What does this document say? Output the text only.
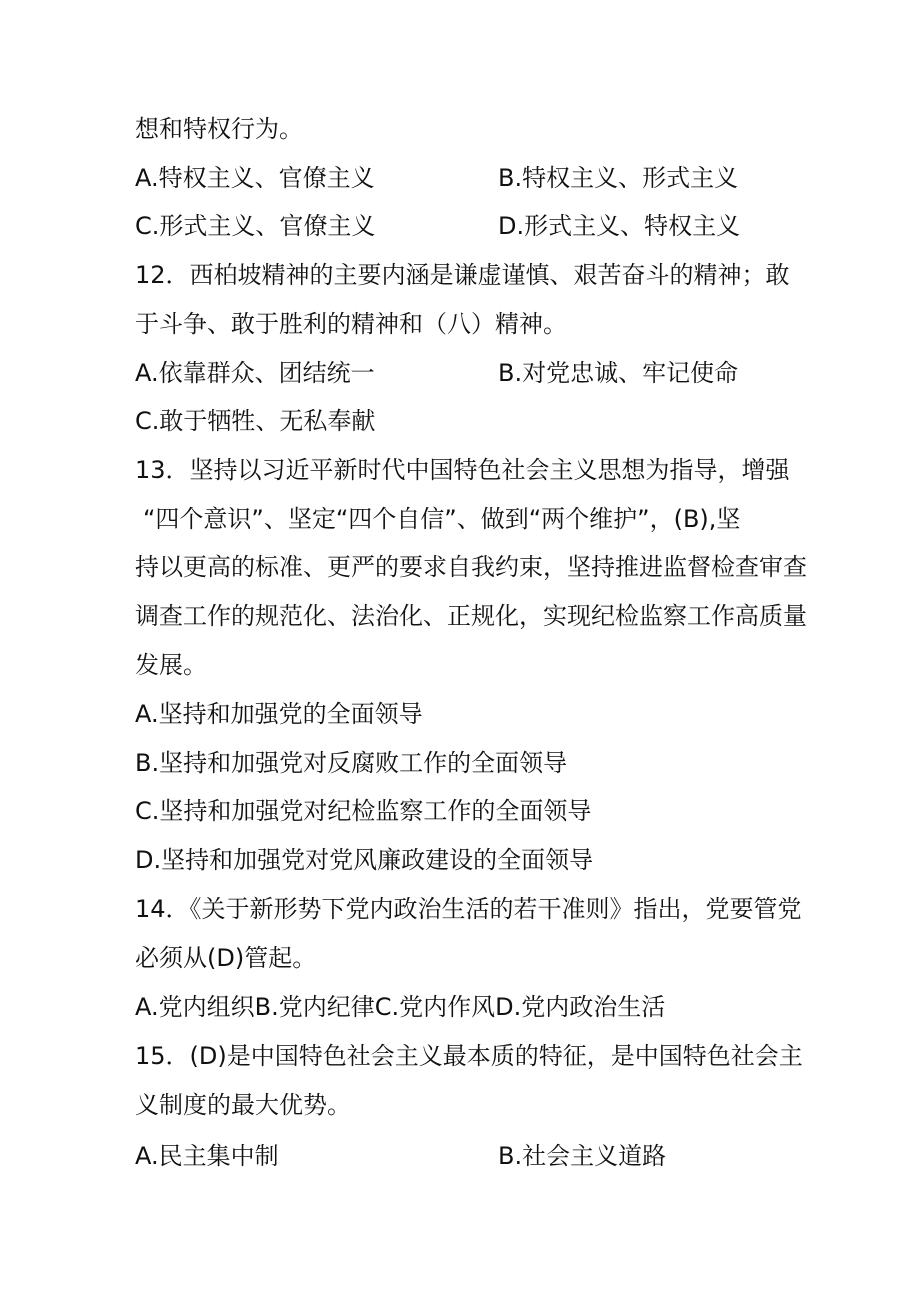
想和特权行为。
A.特权主义、官僚主义	B.特权主义、形式主义
C.形式主义、官僚主义	D.形式主义、特权主义
12．西柏坡精神的主要内涵是谦虚谨慎、艰苦奋斗的精神；敢
于斗争、敢于胜利的精神和（八）精神。
A.依靠群众、团结统一	B.对党忠诚、牢记使命
C.敢于牺牲、无私奉献
13．坚持以习近平新时代中国特色社会主义思想为指导，增强
“四个意识”、坚定“四个自信”、做到“两个维护”，(B),坚
持以更高的标准、更严的要求自我约束，坚持推进监督检查审查
调查工作的规范化、法治化、正规化，实现纪检监察工作高质量
发展。
A.坚持和加强党的全面领导
B.坚持和加强党对反腐败工作的全面领导
C.坚持和加强党对纪检监察工作的全面领导
D.坚持和加强党对党风廉政建设的全面领导
14．《关于新形势下党内政治生活的若干准则》指出，党要管党
必须从(D)管起。
A.党内组织B.党内纪律C.党内作风D.党内政治生活
15．(D)是中国特色社会主义最本质的特征，是中国特色社会主
义制度的最大优势。
A.民主集中制	B.社会主义道路
